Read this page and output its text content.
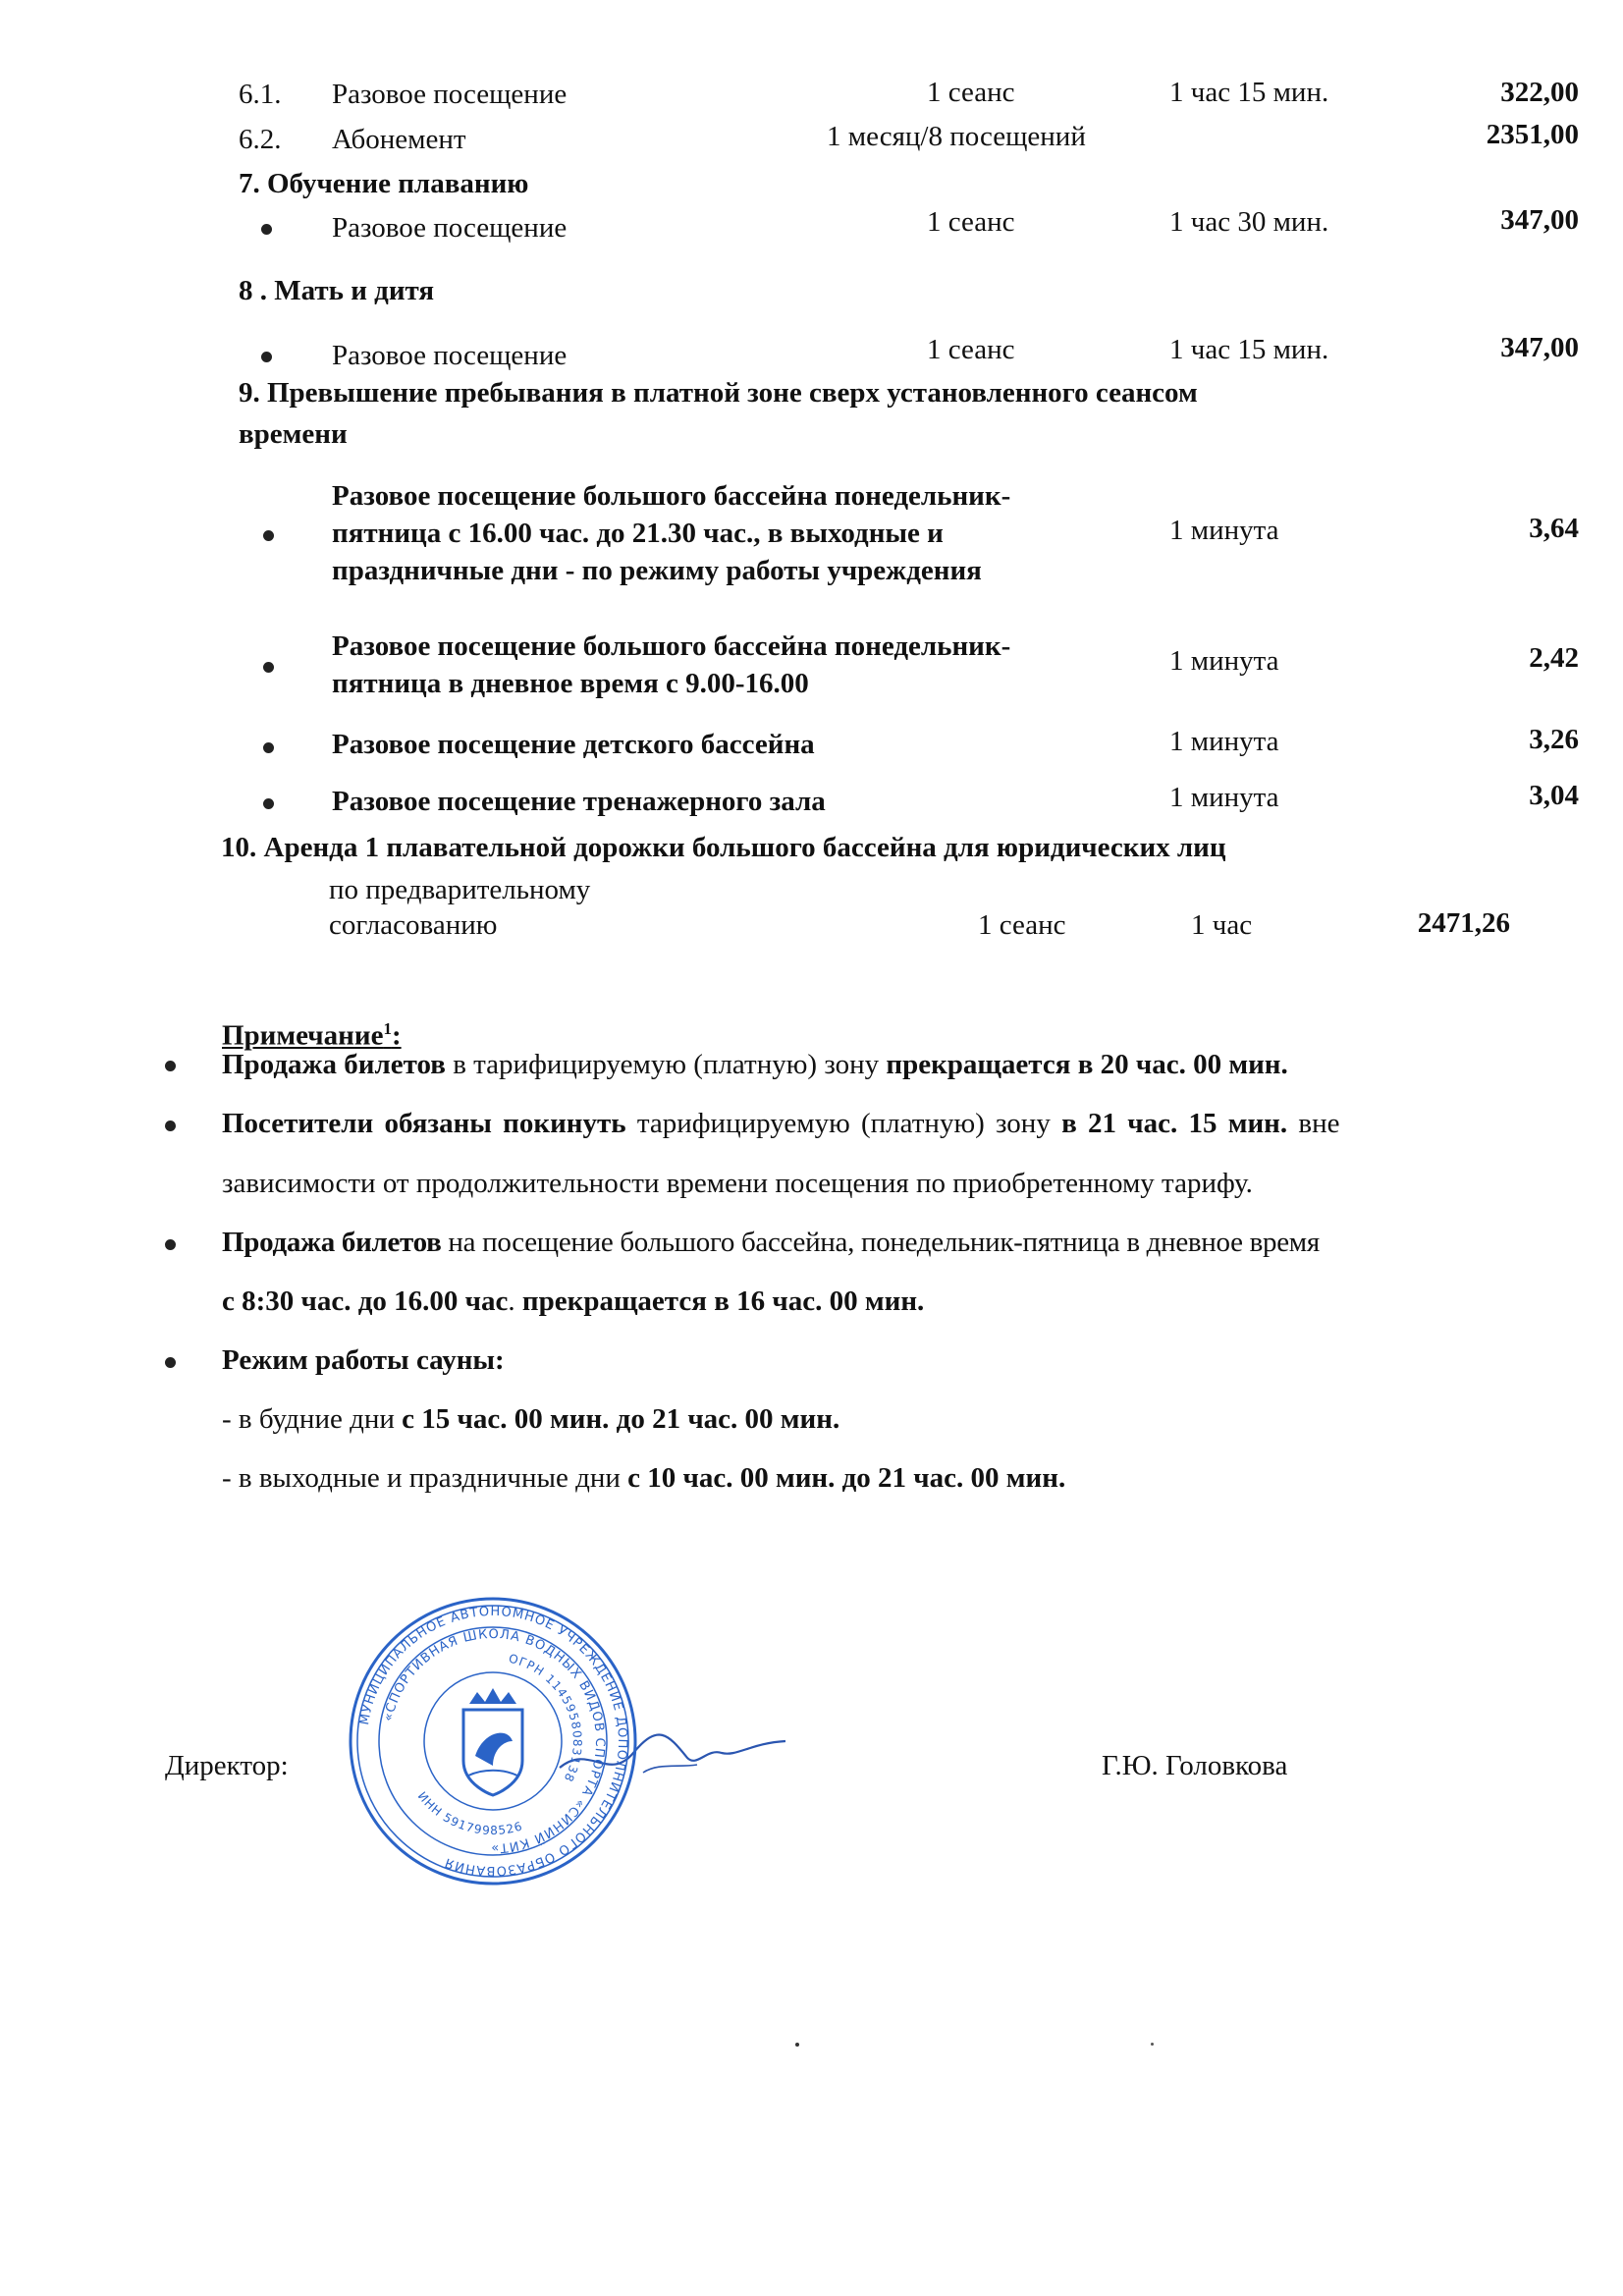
6.1. Разовое посещение	1 сеанс	1 час 15 мин.	322,00
6.2. Абонемент	1 месяц/8 посещений	2351,00
7. Обучение плаванию
Разовое посещение	1 сеанс	1 час 30 мин.	347,00
8 . Мать и дитя
Разовое посещение	1 сеанс	1 час 15 мин.	347,00
9. Превышение пребывания в платной зоне сверх установленного сеансом
времени
Разовое посещение большого бассейна понедельник-
пятница с 16.00 час. до 21.30 час., в выходные и
праздничные дни - по режиму работы учреждения
1 минута	3,64
Разовое посещение большого бассейна понедельник-
пятница в дневное время с 9.00-16.00
1 минута	2,42
Разовое посещение детского бассейна	1 минута	3,26
Разовое посещение тренажерного зала	1 минута	3,04
10. Аренда 1 плавательной дорожки большого бассейна для юридических лиц
по предварительному
согласованию	1 сеанс	1 час	2471,26
Примечание$^1$:
Продажа билетов в тарифицируемую (платную) зону прекращается в 20 час. 00 мин.
Посетители обязаны покинуть тарифицируемую (платную) зону в 21 час. 15 мин. вне
зависимости от продолжительности времени посещения по приобретенному тарифу.
Продажа билетов на посещение большого бассейна, понедельник-пятница в дневное время
с 8:30 час. до 16.00 час. прекращается в 16 час. 00 мин.
Режим работы сауны:
- в будние дни с 15 час. 00 мин. до 21 час. 00 мин.
- в выходные и праздничные дни с 10 час. 00 мин. до 21 час. 00 мин.
Директор:	Г.Ю. Головкова
МУНИЦИПАЛЬНОЕ АВТОНОМНОЕ УЧРЕЖДЕНИЕ ДОПОЛНИТЕЛЬНОГО ОБРАЗОВАНИЯ
«СПОРТИВНАЯ ШКОЛА ВОДНЫХ ВИДОВ СПОРТА «СИНИЙ КИТ»
ОГРН 1145958083138
ИНН 5917998526
